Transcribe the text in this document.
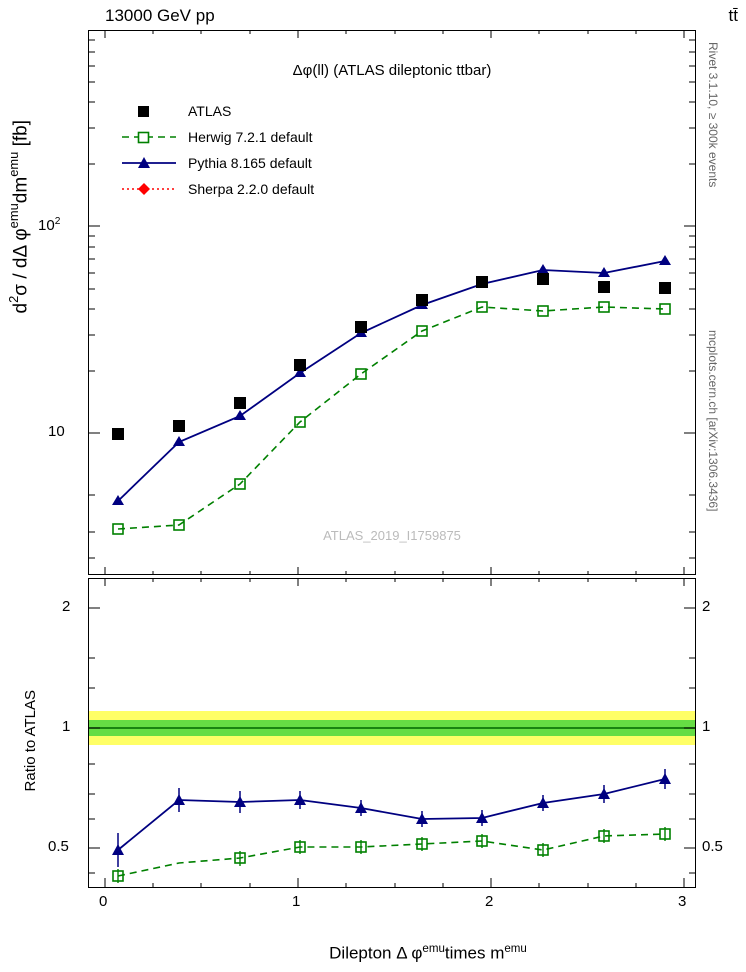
13000 GeV pp	tt̄
Rivet 3.1.10, ≥ 300k events
mcplots.cern.ch [arXiv:1306.3436]
$d^2\sigma$ / dΔ $\varphi^{emu}dm^{emu}$ [fb]
Ratio to ATLAS
Dilepton Δ $\varphi^{emu}times$ $m^{emu}$
10
$10^2$
Δφ(ll) (ATLAS dileptonic ttbar)
ATLAS_2019_I1759875
ATLAS
Herwig 7.2.1 default
Pythia 8.165 default
Sherpa 2.2.0 default
2
1
0.5
2
1
0.5
0	1	2	3
